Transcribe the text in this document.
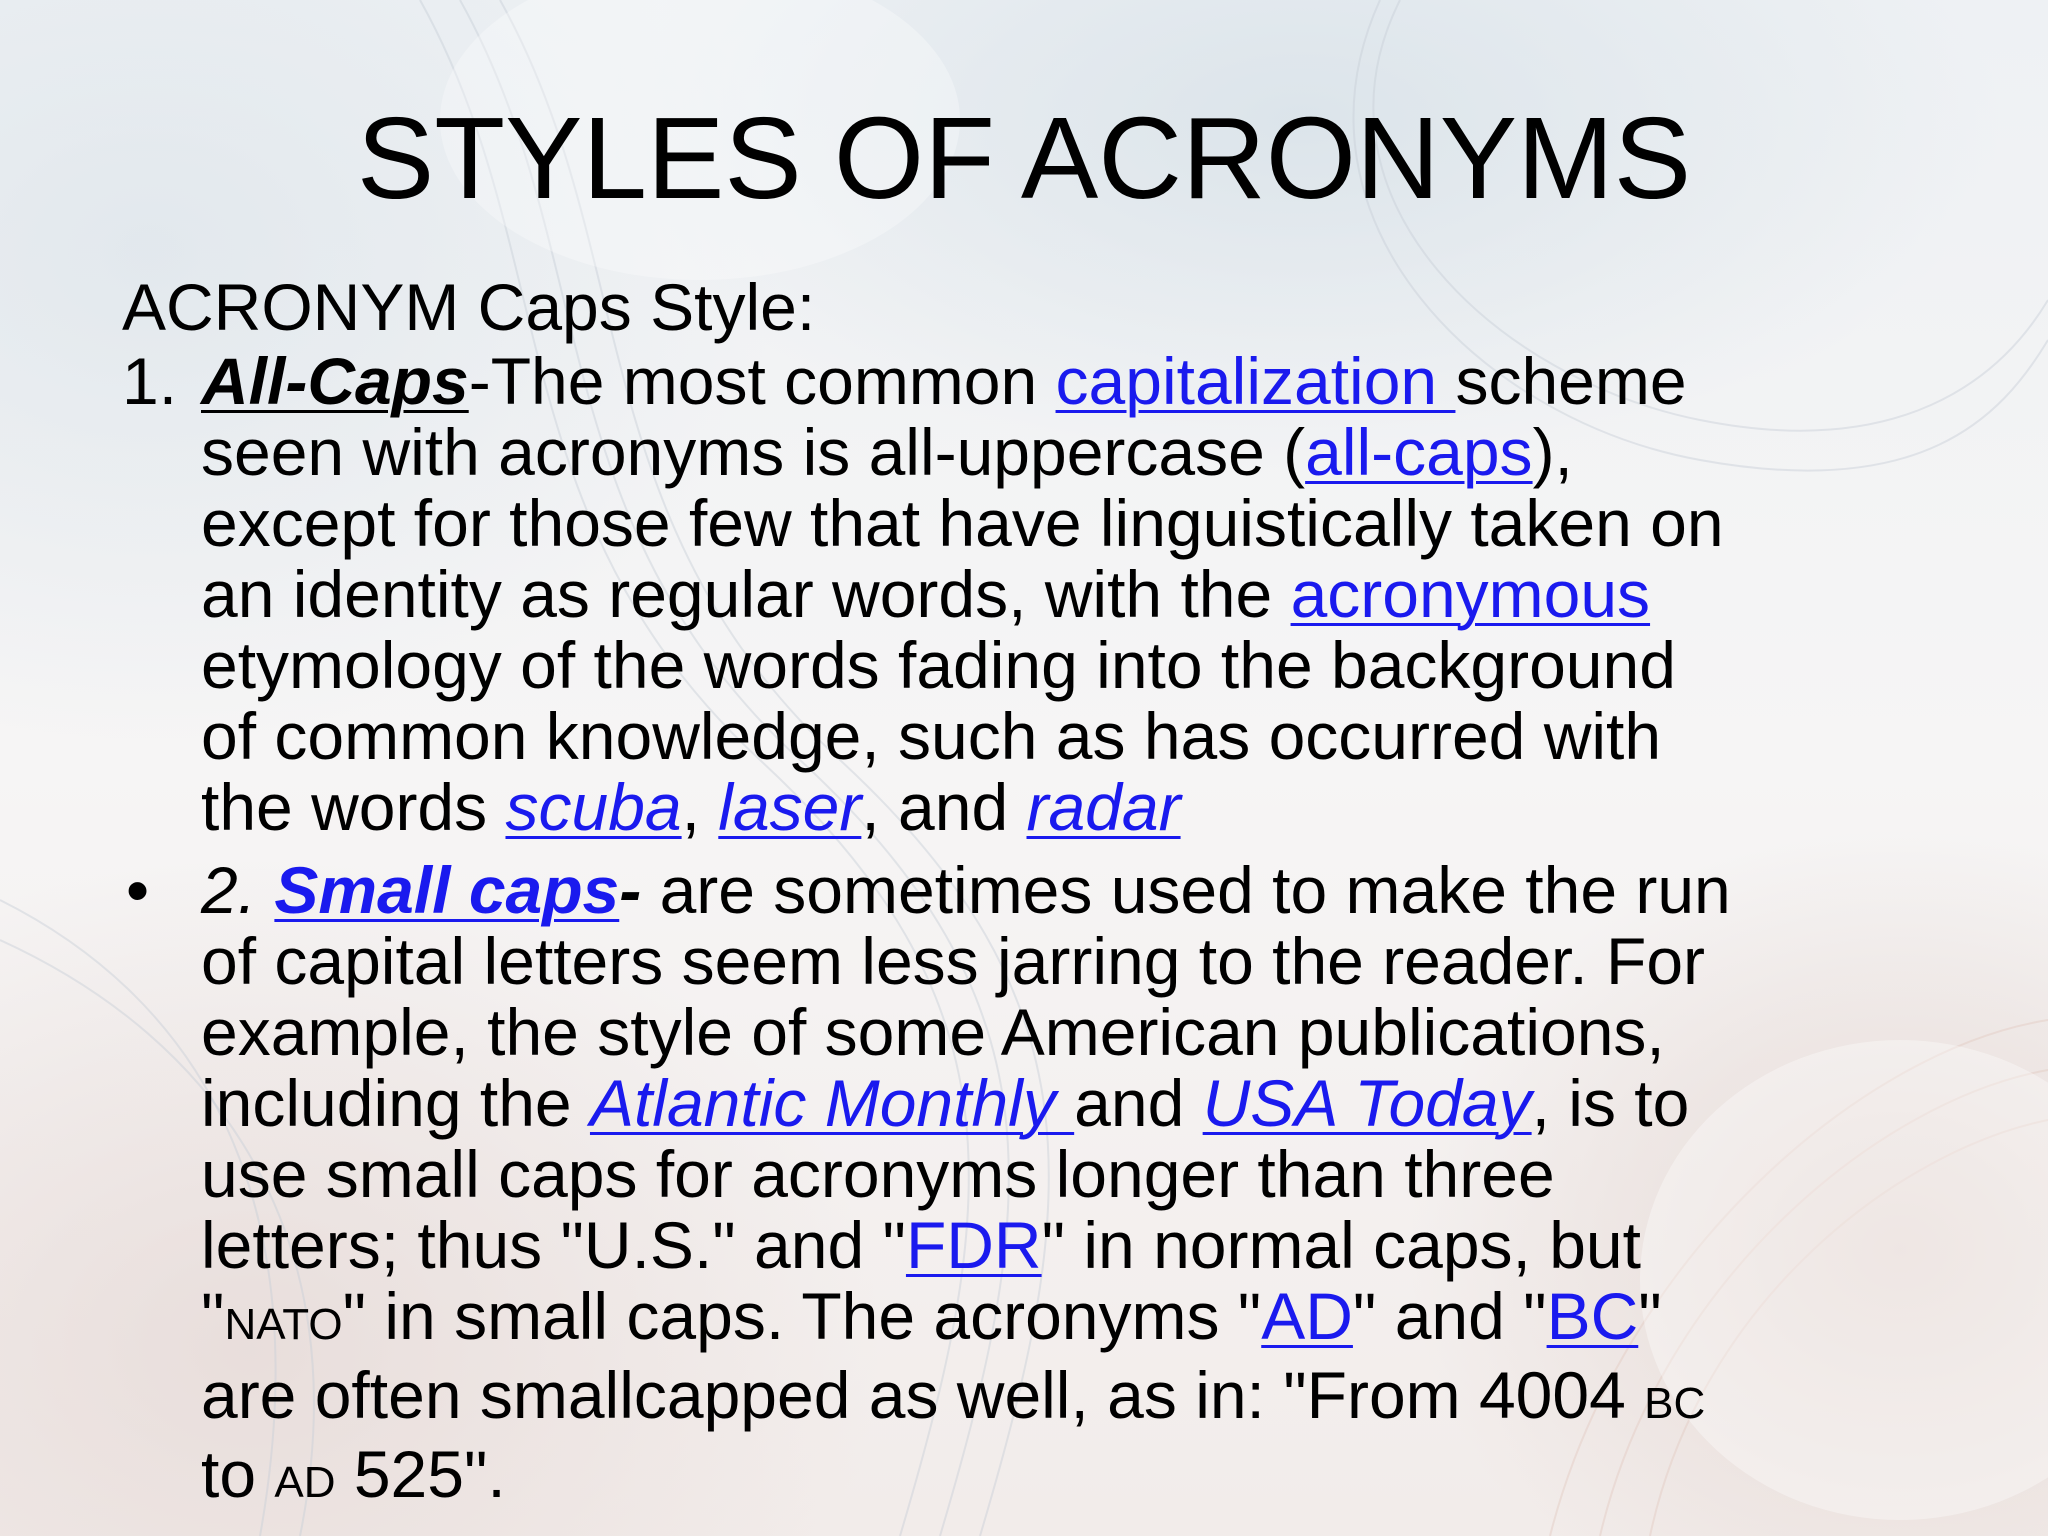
STYLES OF ACRONYMS
ACRONYM Caps Style:
1. All-Caps-The most common capitalization scheme
seen with acronyms is all-uppercase (all-caps),
except for those few that have linguistically taken on
an identity as regular words, with the acronymous
etymology of the words fading into the background
of common knowledge, such as has occurred with
the words scuba, laser, and radar
• 2. Small caps- are sometimes used to make the run
of capital letters seem less jarring to the reader. For
example, the style of some American publications,
including the Atlantic Monthly and USA Today, is to
use small caps for acronyms longer than three
letters; thus "U.S." and "FDR" in normal caps, but
"NATO" in small caps. The acronyms "AD" and "BC"
are often smallcapped as well, as in: "From 4004 BC
to AD 525".
